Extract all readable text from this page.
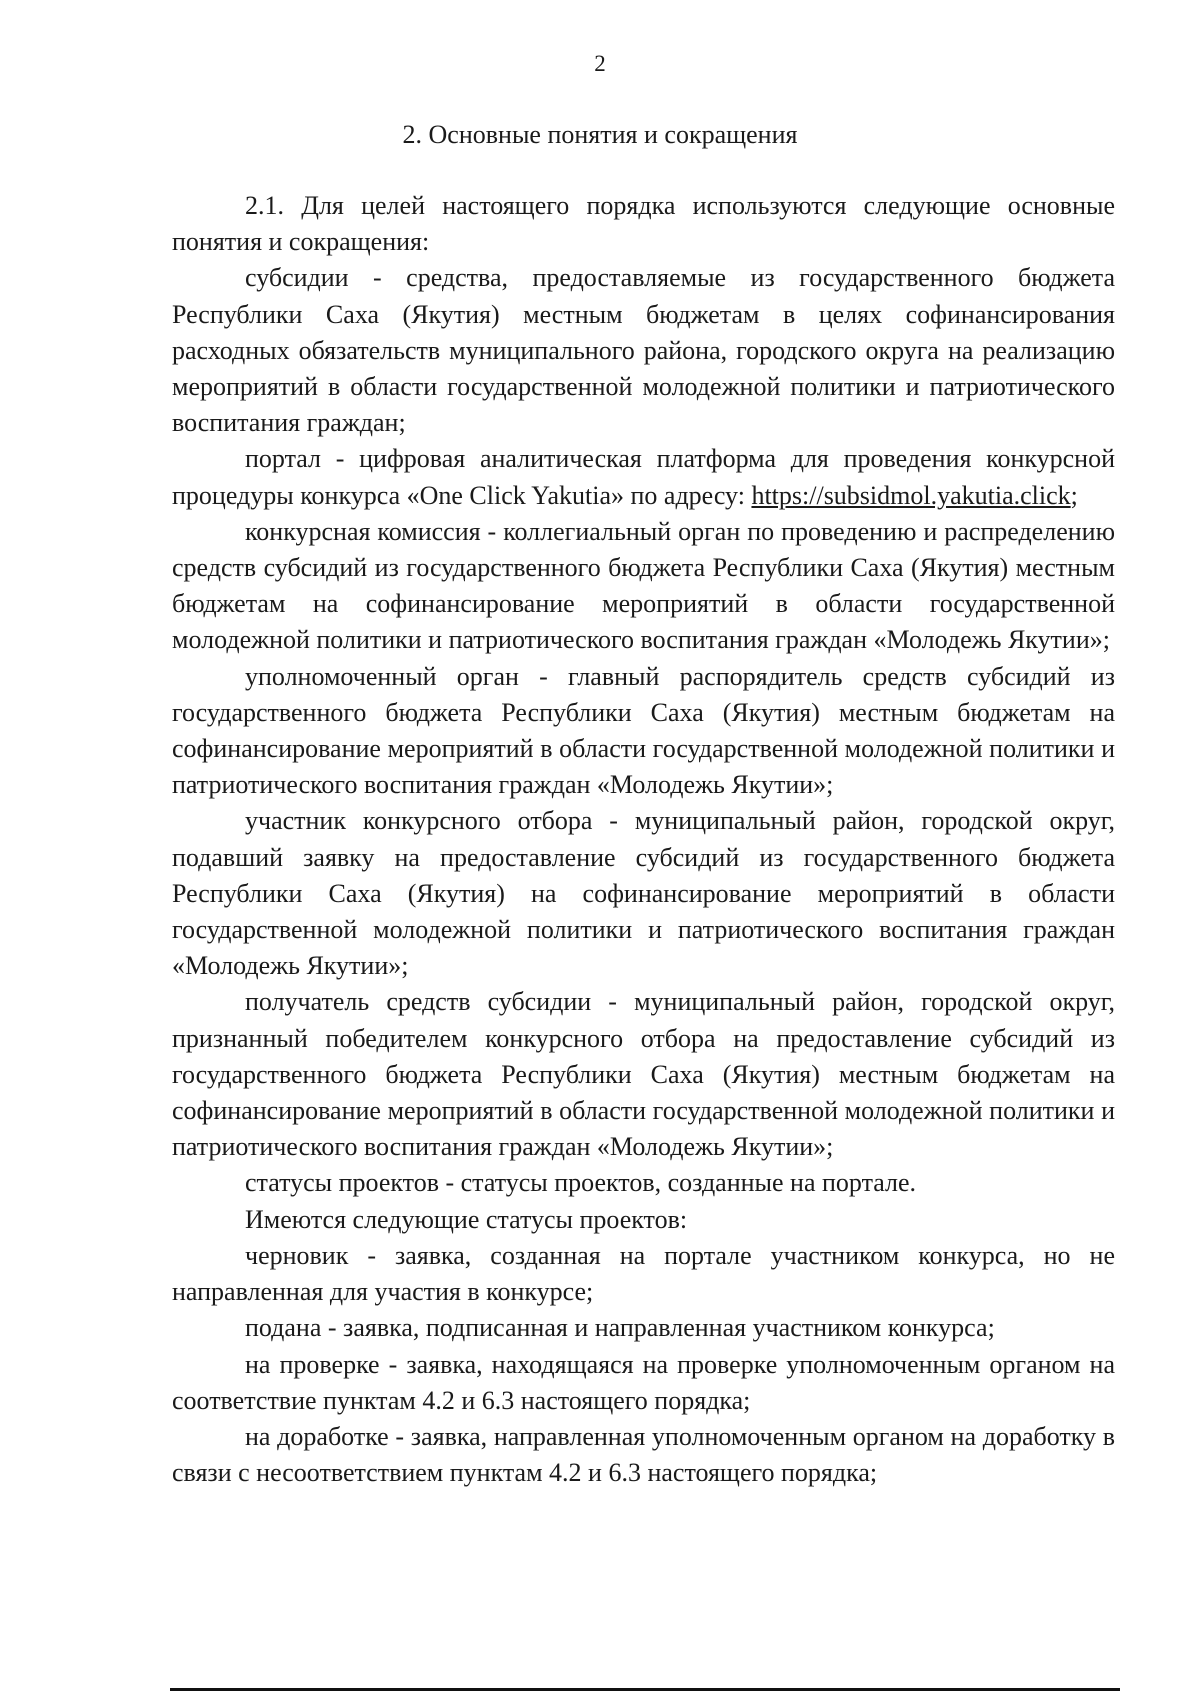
2
2. Основные понятия и сокращения

2.1. Для целей настоящего порядка используются следующие основные понятия и сокращения:

субсидии - средства, предоставляемые из государственного бюджета Республики Саха (Якутия) местным бюджетам в целях софинансирования расходных обязательств муниципального района, городского округа на реализацию мероприятий в области государственной молодежной политики и патриотического воспитания граждан;

портал - цифровая аналитическая платформа для проведения конкурсной процедуры конкурса «One Click Yakutia» по адресу: https://subsidmol.yakutia.click;

конкурсная комиссия - коллегиальный орган по проведению и распределению средств субсидий из государственного бюджета Республики Саха (Якутия) местным бюджетам на софинансирование мероприятий в области государственной молодежной политики и патриотического воспитания граждан «Молодежь Якутии»;

уполномоченный орган - главный распорядитель средств субсидий из государственного бюджета Республики Саха (Якутия) местным бюджетам на софинансирование мероприятий в области государственной молодежной политики и патриотического воспитания граждан «Молодежь Якутии»;

участник конкурсного отбора - муниципальный район, городской округ, подавший заявку на предоставление субсидий из государственного бюджета Республики Саха (Якутия) на софинансирование мероприятий в области государственной молодежной политики и патриотического воспитания граждан «Молодежь Якутии»;

получатель средств субсидии - муниципальный район, городской округ, признанный победителем конкурсного отбора на предоставление субсидий из государственного бюджета Республики Саха (Якутия) местным бюджетам на софинансирование мероприятий в области государственной молодежной политики и патриотического воспитания граждан «Молодежь Якутии»;

статусы проектов - статусы проектов, созданные на портале.

Имеются следующие статусы проектов:

черновик - заявка, созданная на портале участником конкурса, но не направленная для участия в конкурсе;

подана - заявка, подписанная и направленная участником конкурса;

на проверке - заявка, находящаяся на проверке уполномоченным органом на соответствие пунктам 4.2 и 6.3 настоящего порядка;

на доработке - заявка, направленная уполномоченным органом на доработку в связи с несоответствием пунктам 4.2 и 6.3 настоящего порядка;
